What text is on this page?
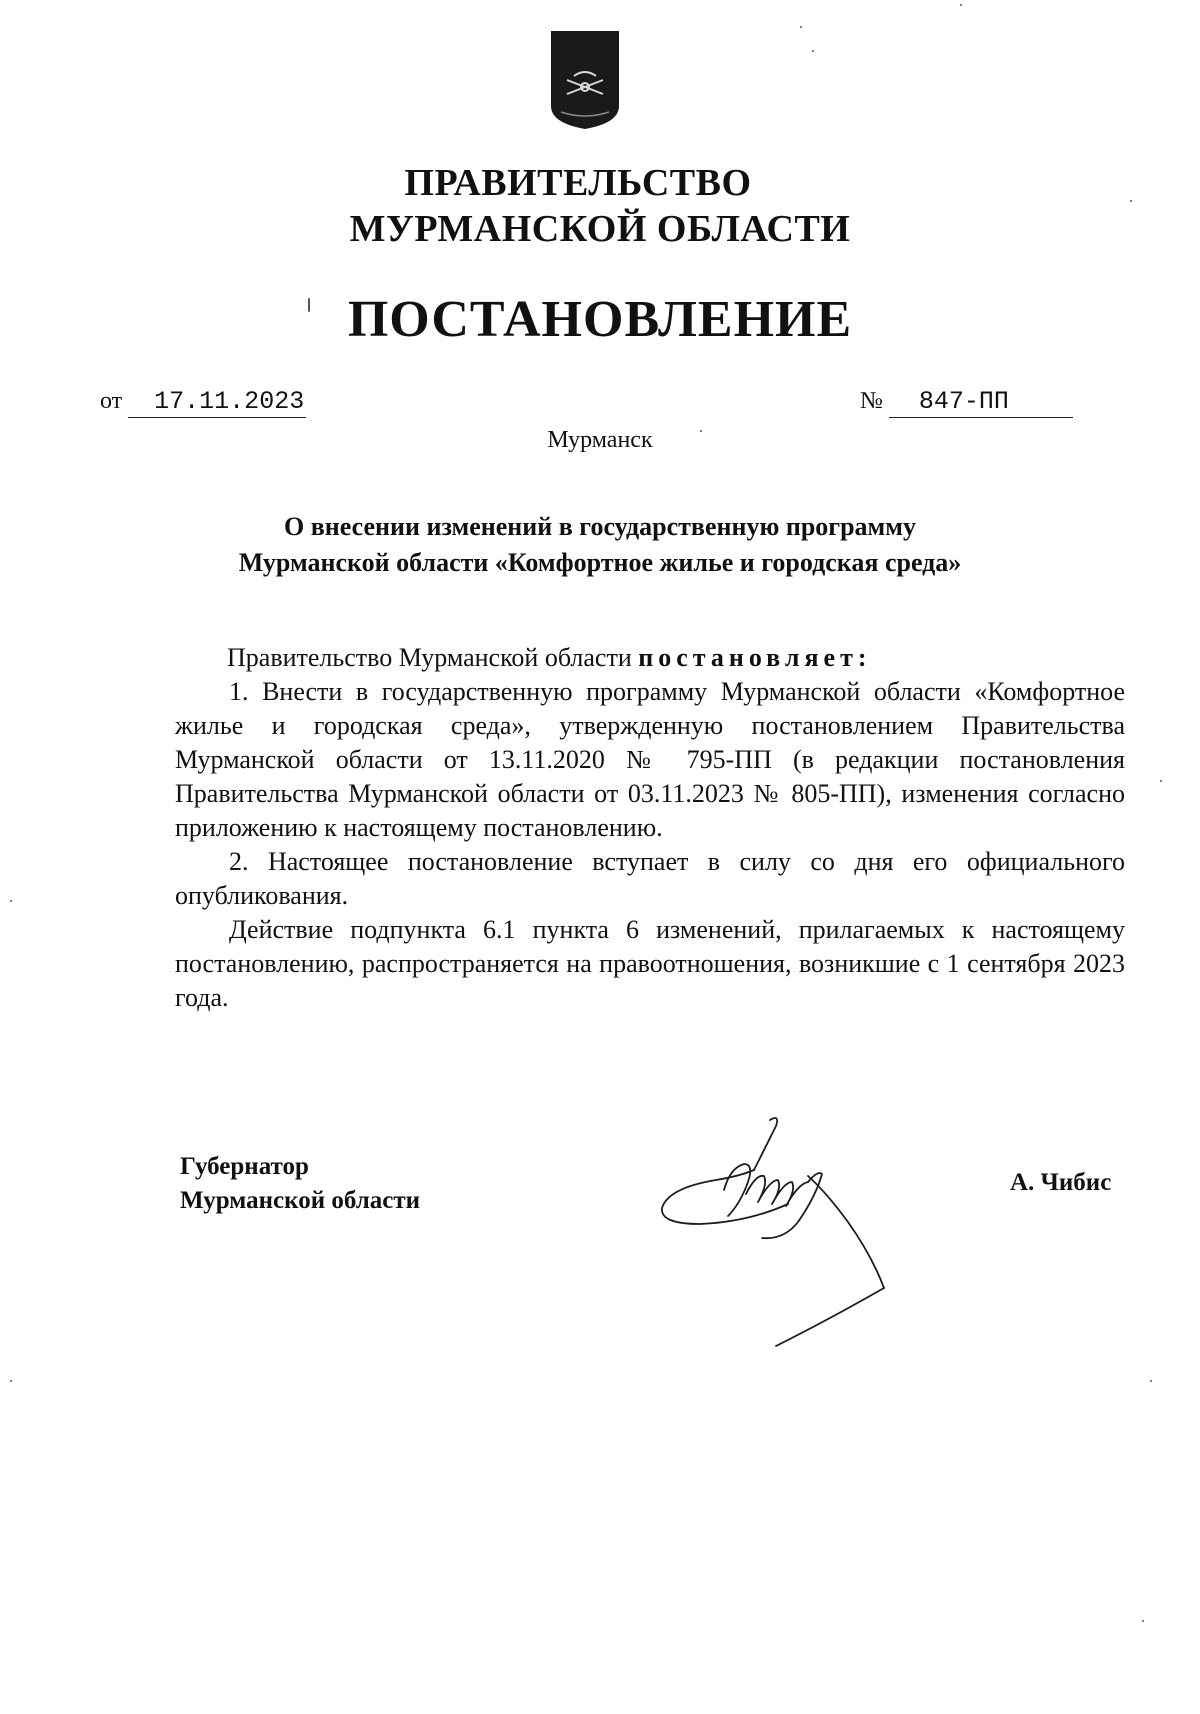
ПРАВИТЕЛЬСТВО
МУРМАНСКОЙ ОБЛАСТИ
ПОСТАНОВЛЕНИЕ
от 17.11.2023	№ 847-ПП
Мурманск
О внесении изменений в государственную программу
Мурманской области «Комфортное жилье и городская среда»

Правительство Мурманской области постановляет:

1. Внести в государственную программу Мурманской области «Комфортное жилье и городская среда», утвержденную постановлением Правительства Мурманской области от 13.11.2020 № 795-ПП (в редакции постановления Правительства Мурманской области от 03.11.2023 № 805-ПП), изменения согласно приложению к настоящему постановлению.

2. Настоящее постановление вступает в силу со дня его официального опубликования.

Действие подпункта 6.1 пункта 6 изменений, прилагаемых к настоящему постановлению, распространяется на правоотношения, возникшие с 1 сентября 2023 года.

Губернатор
Мурманской области
А. Чибис
